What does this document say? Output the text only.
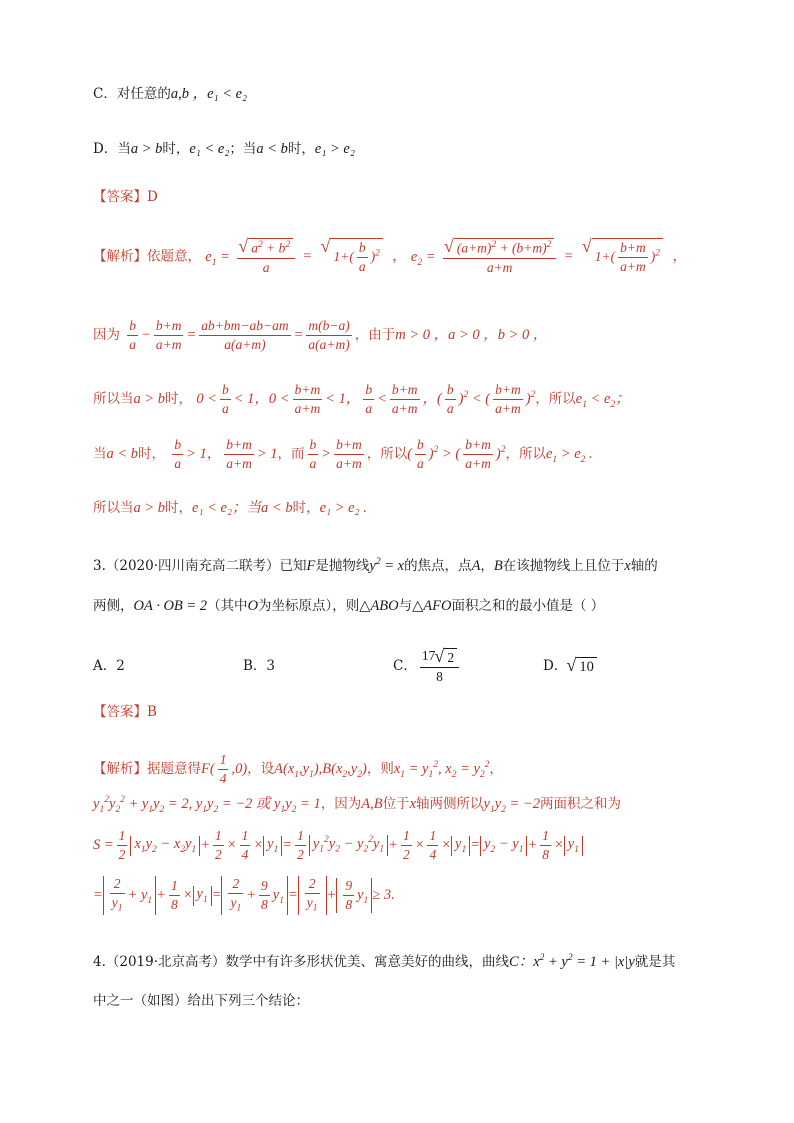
C．对任意的a,b ，e₁ < e₂
D．当a > b时，e₁ < e₂；当a < b时，e₁ > e₂
【答案】D
【解析】依题意， $e_1$ = √ $\frac{a^2 + b^2}{a}$ =	√ $1+( \frac{b}{a} )^2$ ， $e_2$ = √ $\frac{(a+m)^2 + (b+m)^2}{a+m}$ =	√ $1+( \frac{b+m}{a+m} )^2$ ，
因为 $\frac{b}{a} - \frac{b+m}{a+m} = \frac{ab+bm-ab-am}{a(a+m)} = \frac{m(b-a)}{a(a+m)}$ ，由于m > 0 ，a > 0 ，b > 0 ，
所以当a > b时， $0 < \frac{b}{a} < 1$，$0 < \frac{b+m}{a+m} < 1$， $\frac{b}{a} < \frac{b+m}{a+m}$ ，( $\frac{b}{a} )^2$ < ( $\frac{b+m}{a+m} )^2$，所以$e_1 < e_2$；
当a < b时， $\frac{b}{a} > 1$， $\frac{b+m}{a+m} > 1$，而 $\frac{b}{a} > \frac{b+m}{a+m}$ ，所以( $\frac{b}{a} )^2$ > ( $\frac{b+m}{a+m} )^2$，所以$e_1 > e_2$ .
所以当a > b时，e₁ < e₂；当a < b时，e₁ > e₂ .
3.（2020·四川南充高二联考）已知F是抛物线$y^2 = x$的焦点，点A，B在该抛物线上且位于x轴的
两侧，OA · OB = 2（其中O为坐标原点），则△ABO与△AFO面积之和的最小值是（ ）
A．2	B．3	C． $\frac{17 √ 2}{8}$	D． √ 10
【答案】B
【解析】据题意得$F( \frac{1}{4} ,0)$，设$A(x_1,y_1),B(x_2,y_2)$，则$x_1 = y_1^2$, $x_2 = y_2^2$，
$y_1^2y_2^2 + y_1y_2 = 2$, $y_1y_2 = -2$ 或 $y_1y_2 = 1$，因为A,B位于x轴两侧所以$y_1y_2 = -2$两面积之和为
$S = \frac{1}{2} x_1y_2 - x_2y_1 + \frac{1}{2} \times \frac{1}{4} \times y_1 = \frac{1}{2} y_1^2y_2 - y_2^2y_1 + \frac{1}{2} \times \frac{1}{4} \times y_1 = y_2 - y_1 + \frac{1}{8} \times y_1$
= $\frac{2}{y_1} + y_1 + \frac{1}{8} \times y_1 = \frac{2}{y_1} + \frac{9}{8} y_1 = \frac{2}{y_1} + \frac{9}{8} y_1 \ge 3$.
4.（2019·北京高考）数学中有许多形状优美、寓意美好的曲线，曲线C：$x^2 + y^2 = 1 + |x|y$就是其
中之一（如图）给出下列三个结论：
